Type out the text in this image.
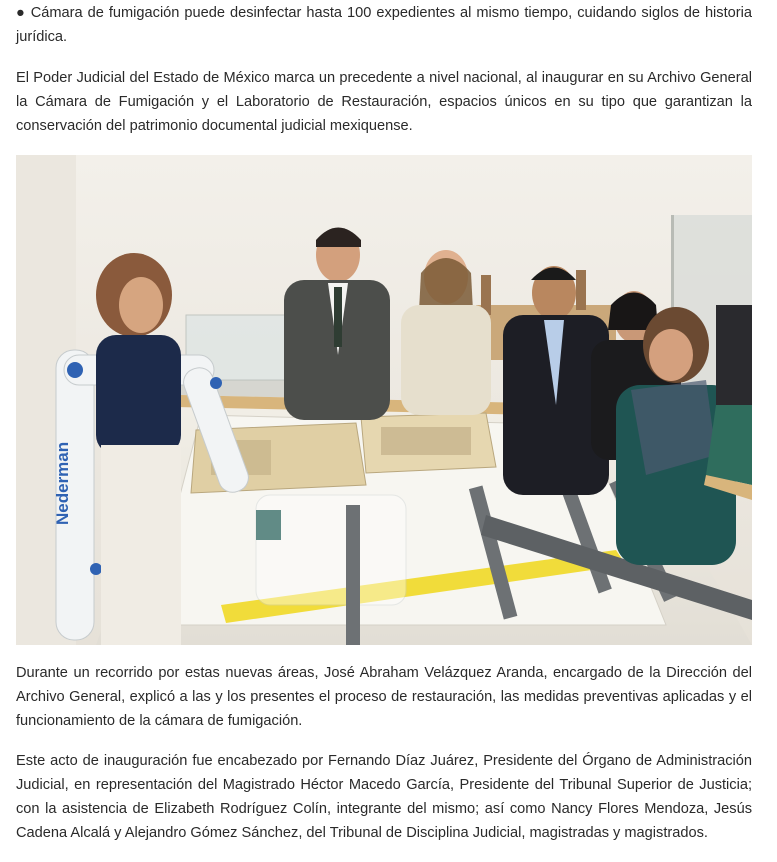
● Cámara de fumigación puede desinfectar hasta 100 expedientes al mismo tiempo, cuidando siglos de historia jurídica.

El Poder Judicial del Estado de México marca un precedente a nivel nacional, al inaugurar en su Archivo General la Cámara de Fumigación y el Laboratorio de Restauración, espacios únicos en su tipo que garantizan la conservación del patrimonio documental judicial mexiquense.

Nederman

Durante un recorrido por estas nuevas áreas, José Abraham Velázquez Aranda, encargado de la Dirección del Archivo General, explicó a las y los presentes el proceso de restauración, las medidas preventivas aplicadas y el funcionamiento de la cámara de fumigación.

Este acto de inauguración fue encabezado por Fernando Díaz Juárez, Presidente del Órgano de Administración Judicial, en representación del Magistrado Héctor Macedo García, Presidente del Tribunal Superior de Justicia; con la asistencia de Elizabeth Rodríguez Colín, integrante del mismo; así como Nancy Flores Mendoza, Jesús Cadena Alcalá y Alejandro Gómez Sánchez, del Tribunal de Disciplina Judicial, magistradas y magistrados.
